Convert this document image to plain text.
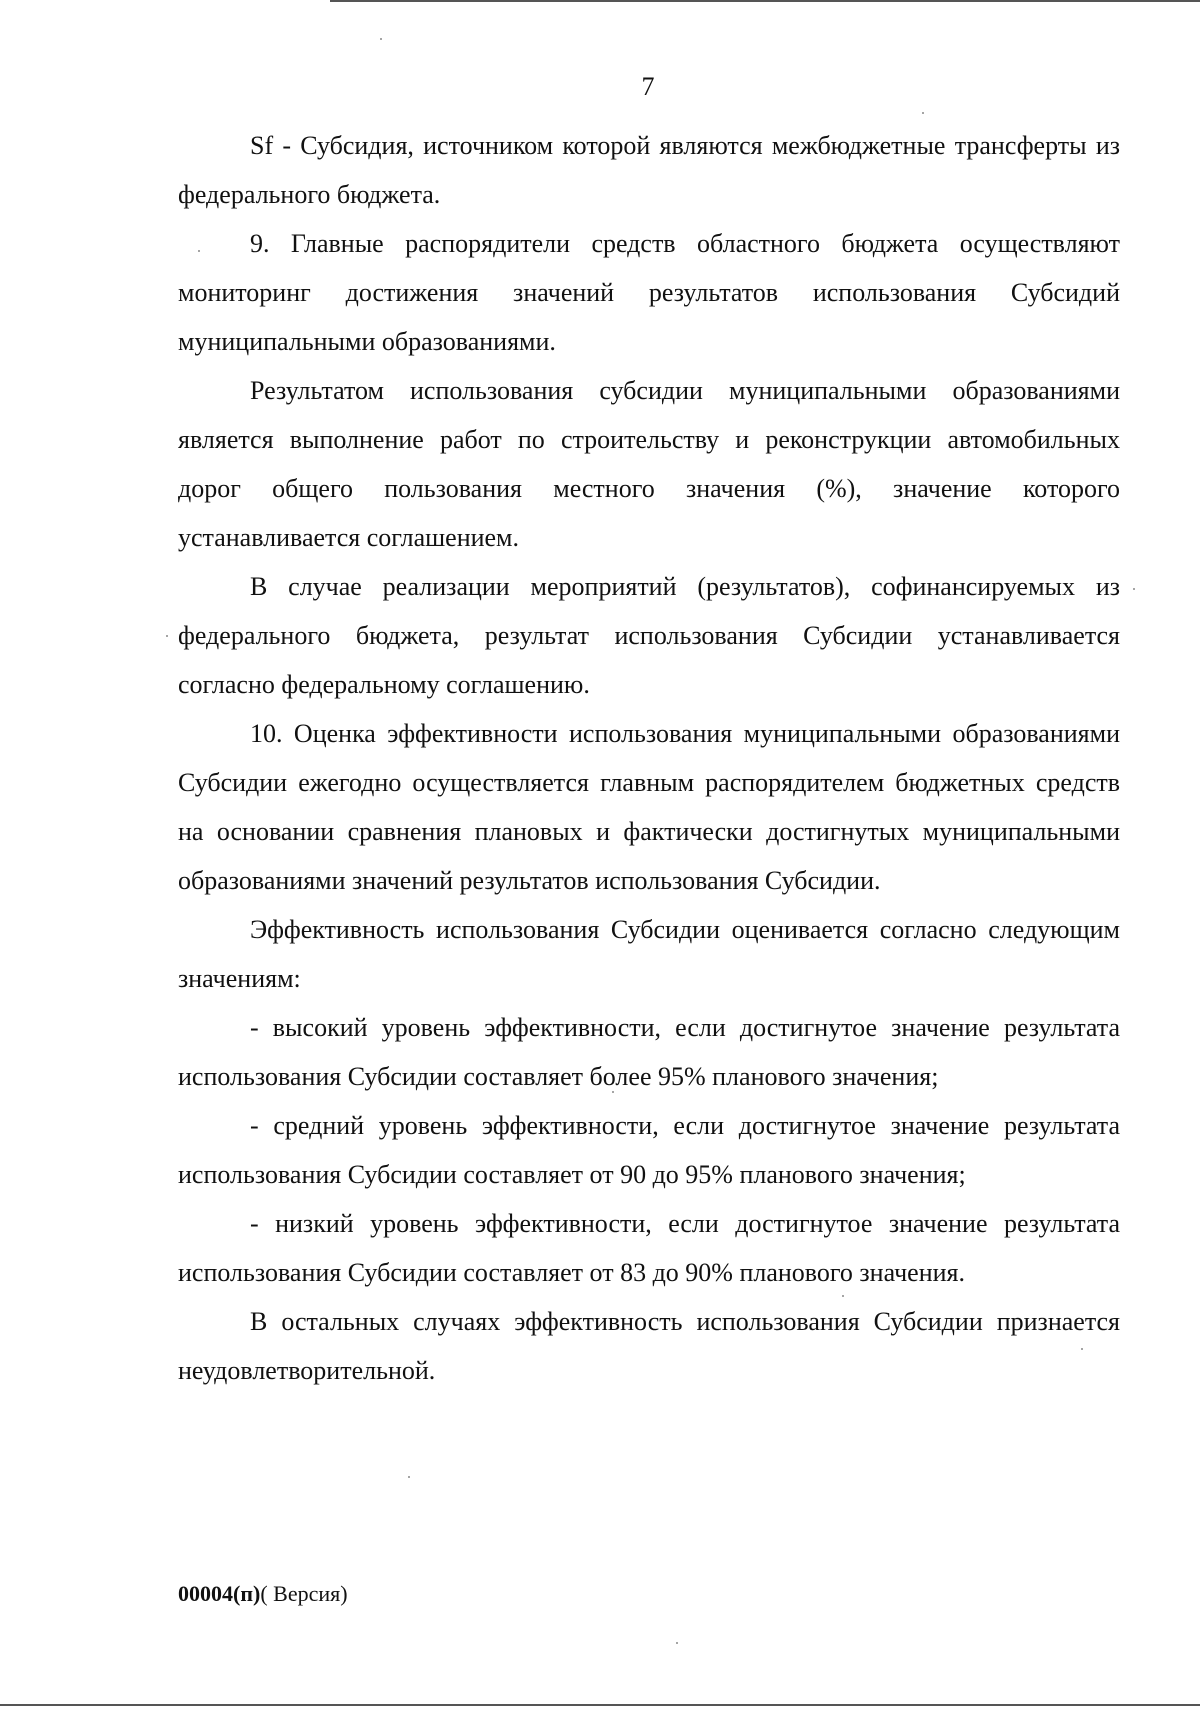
7

Sf - Субсидия, источником которой являются межбюджетные трансферты из федерального бюджета.

9. Главные распорядители средств областного бюджета осуществляют мониторинг достижения значений результатов использования Субсидий муниципальными образованиями.

Результатом использования субсидии муниципальными образованиями является выполнение работ по строительству и реконструкции автомобильных дорог общего пользования местного значения (%), значение которого устанавливается соглашением.

В случае реализации мероприятий (результатов), софинансируемых из федерального бюджета, результат использования Субсидии устанавливается согласно федеральному соглашению.

10. Оценка эффективности использования муниципальными образованиями Субсидии ежегодно осуществляется главным распорядителем бюджетных средств на основании сравнения плановых и фактически достигнутых муниципальными образованиями значений результатов использования Субсидии.

Эффективность использования Субсидии оценивается согласно следующим значениям:

- высокий уровень эффективности, если достигнутое значение результата использования Субсидии составляет более 95% планового значения;

- средний уровень эффективности, если достигнутое значение результата использования Субсидии составляет от 90 до 95% планового значения;

- низкий уровень эффективности, если достигнутое значение результата использования Субсидии составляет от 83 до 90% планового значения.

В остальных случаях эффективность использования Субсидии признается неудовлетворительной.

00004(п)( Версия)
